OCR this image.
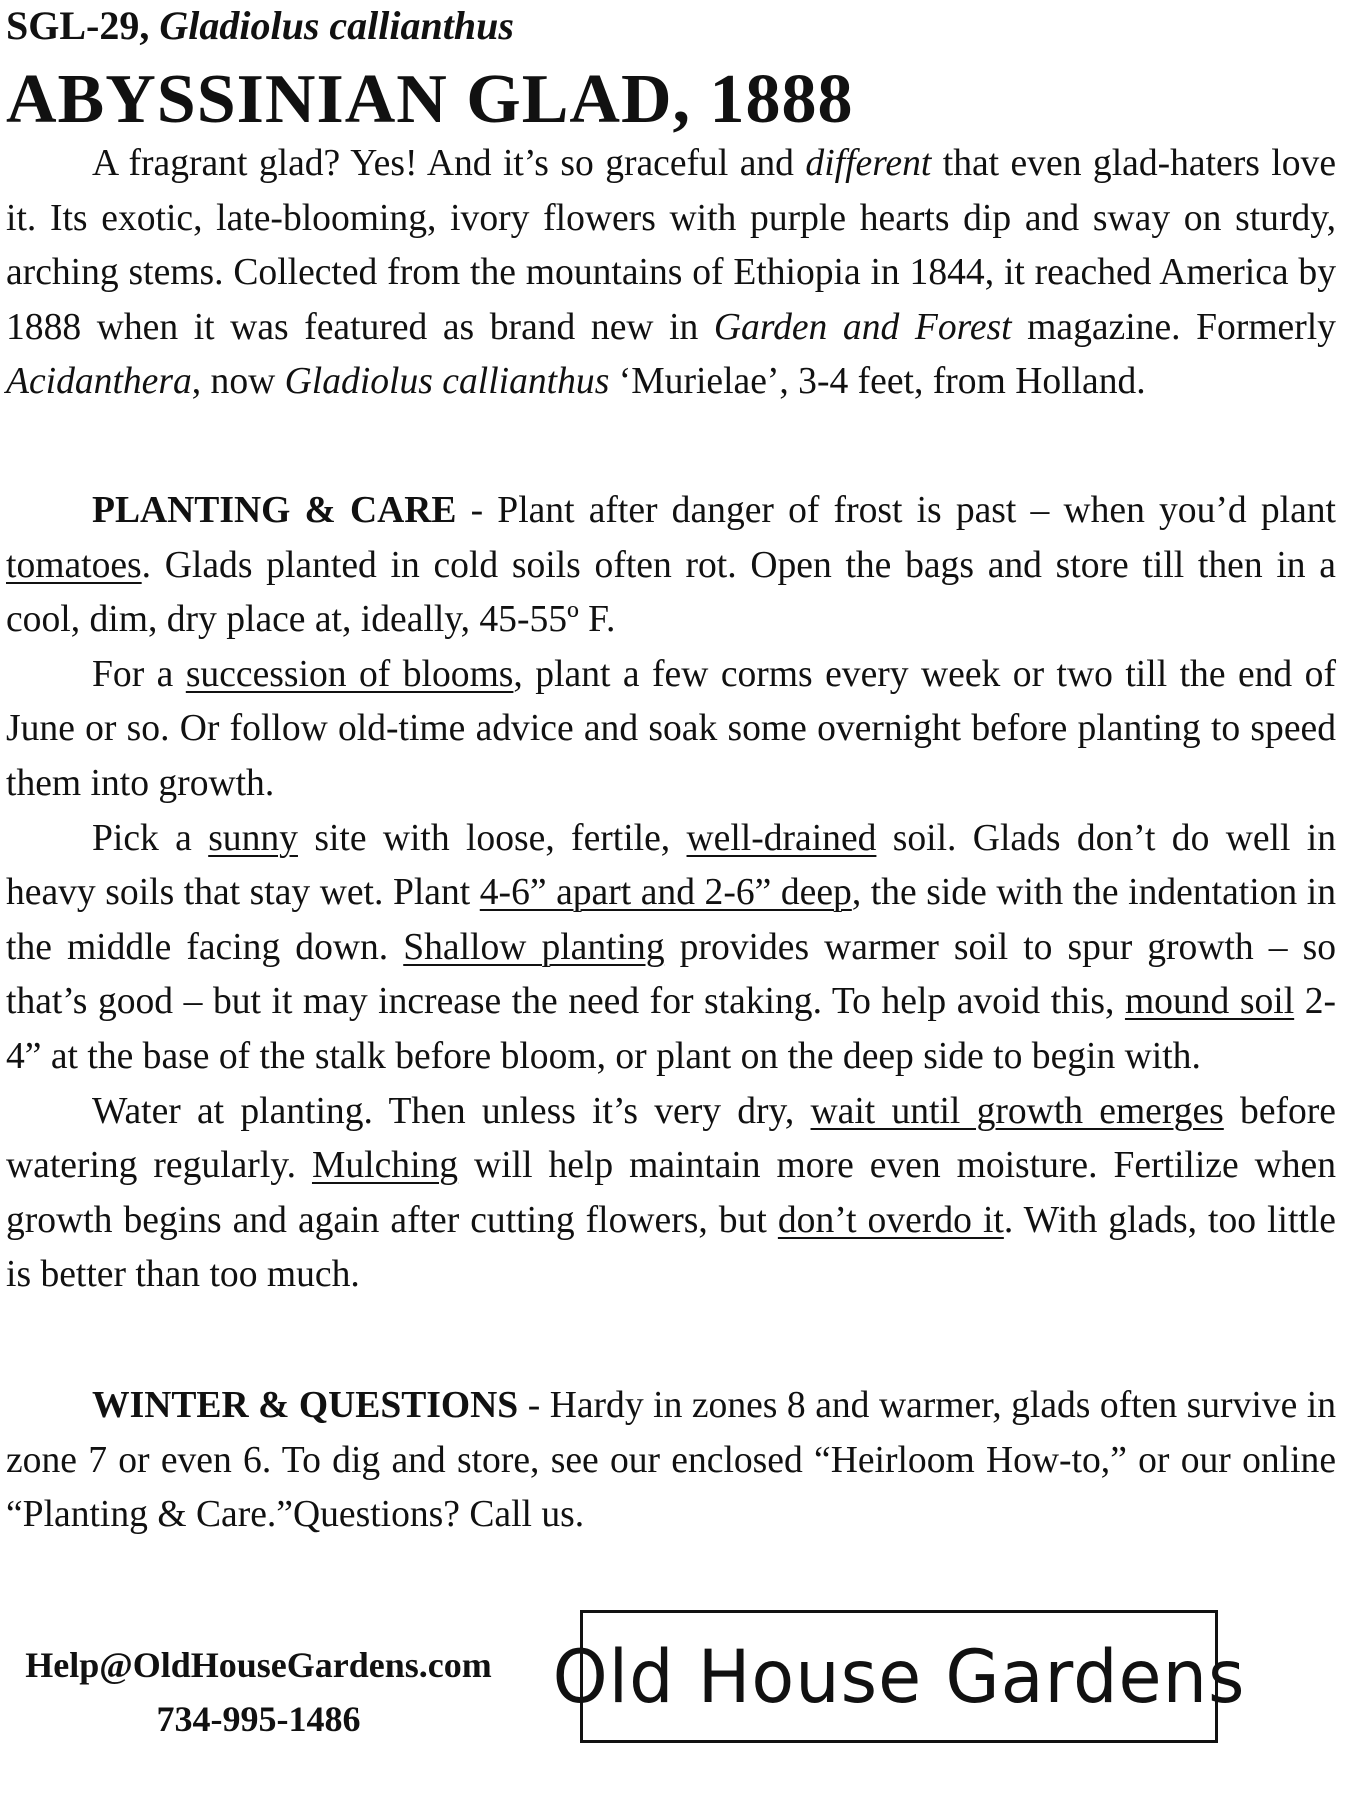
SGL-29, Gladiolus callianthus
ABYSSINIAN GLAD, 1888

A fragrant glad? Yes! And it’s so graceful and different that even glad-haters love it. Its exotic, late-blooming, ivory flowers with purple hearts dip and sway on sturdy, arching stems. Collected from the mountains of Ethiopia in 1844, it reached America by 1888 when it was featured as brand new in Garden and Forest magazine. Formerly Acidanthera, now Gladiolus callianthus ‘Murielae’, 3-4 feet, from Holland.

PLANTING & CARE - Plant after danger of frost is past – when you’d plant tomatoes. Glads planted in cold soils often rot. Open the bags and store till then in a cool, dim, dry place at, ideally, 45-55º F.

For a succession of blooms, plant a few corms every week or two till the end of June or so. Or follow old-time advice and soak some overnight before planting to speed them into growth.

Pick a sunny site with loose, fertile, well-drained soil. Glads don’t do well in heavy soils that stay wet. Plant 4-6” apart and 2-6” deep, the side with the indentation in the middle facing down. Shallow planting provides warmer soil to spur growth – so that’s good – but it may increase the need for staking. To help avoid this, mound soil 2-4” at the base of the stalk before bloom, or plant on the deep side to begin with.

Water at planting. Then unless it’s very dry, wait until growth emerges before watering regularly. Mulching will help maintain more even moisture. Fertilize when growth begins and again after cutting flowers, but don’t overdo it. With glads, too little is better than too much.

WINTER & QUESTIONS - Hardy in zones 8 and warmer, glads often survive in zone 7 or even 6. To dig and store, see our enclosed “Heirloom How-to,” or our online “Planting & Care.”Questions? Call us.

Help@OldHouseGardens.com
734-995-1486	Old House Gardens
